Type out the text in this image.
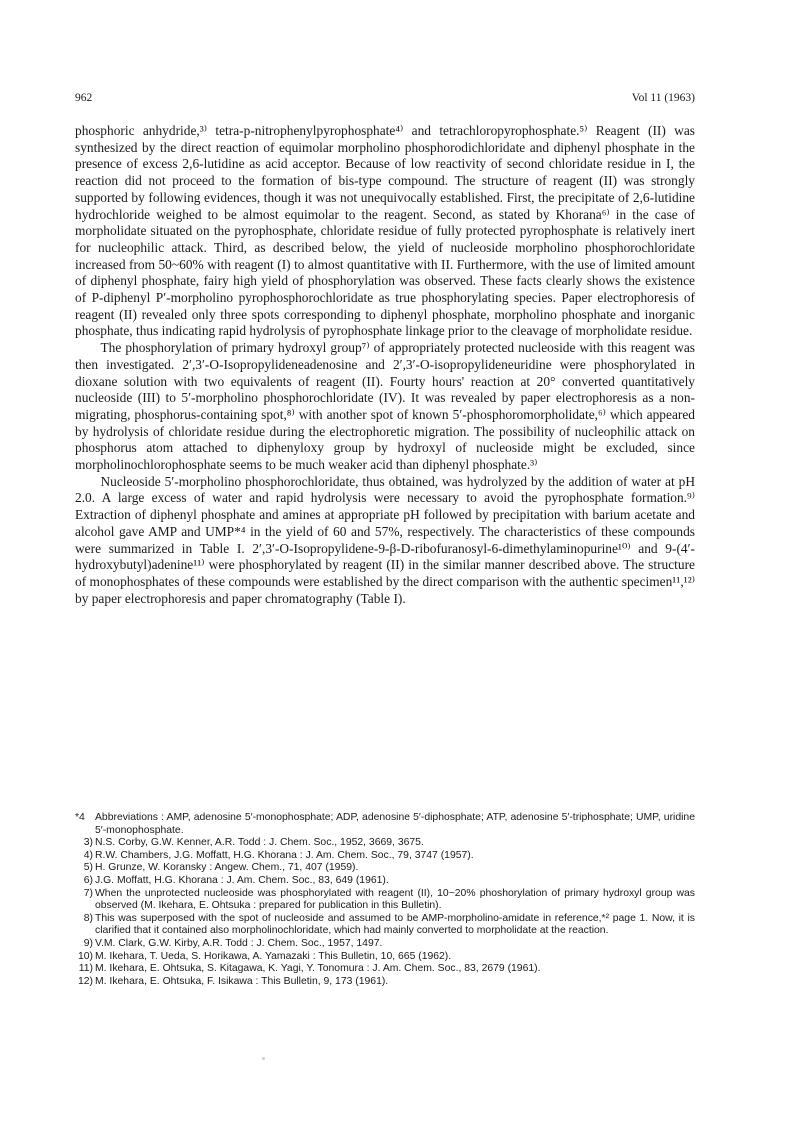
962	Vol 11 (1963)

phosphoric anhydride,³⁾ tetra-p-nitrophenylpyrophosphate⁴⁾ and tetrachloropyrophosphate.⁵⁾ Reagent (II) was synthesized by the direct reaction of equimolar morpholino phosphorodichloridate and diphenyl phosphate in the presence of excess 2,6-lutidine as acid acceptor. Because of low reactivity of second chloridate residue in I, the reaction did not proceed to the formation of bis-type compound. The structure of reagent (II) was strongly supported by following evidences, though it was not unequivocally established. First, the precipitate of 2,6-lutidine hydrochloride weighed to be almost equimolar to the reagent. Second, as stated by Khorana⁶⁾ in the case of morpholidate situated on the pyrophosphate, chloridate residue of fully protected pyrophosphate is relatively inert for nucleophilic attack. Third, as described below, the yield of nucleoside morpholino phosphorochloridate increased from 50~60% with reagent (I) to almost quantitative with II. Furthermore, with the use of limited amount of diphenyl phosphate, fairy high yield of phosphorylation was observed. These facts clearly shows the existence of P-diphenyl P′-morpholino pyrophosphorochloridate as true phosphorylating species. Paper electrophoresis of reagent (II) revealed only three spots corresponding to diphenyl phosphate, morpholino phosphate and inorganic phosphate, thus indicating rapid hydrolysis of pyrophosphate linkage prior to the cleavage of morpholidate residue.

The phosphorylation of primary hydroxyl group⁷⁾ of appropriately protected nucleoside with this reagent was then investigated. 2′,3′-O-Isopropylideneadenosine and 2′,3′-O-isopropylideneuridine were phosphorylated in dioxane solution with two equivalents of reagent (II). Fourty hours' reaction at 20° converted quantitatively nucleoside (III) to 5′-morpholino phosphorochloridate (IV). It was revealed by paper electrophoresis as a non-migrating, phosphorus-containing spot,⁸⁾ with another spot of known 5′-phosphoromorpholidate,⁶⁾ which appeared by hydrolysis of chloridate residue during the electrophoretic migration. The possibility of nucleophilic attack on phosphorus atom attached to diphenyloxy group by hydroxyl of nucleoside might be excluded, since morpholinochlorophosphate seems to be much weaker acid than diphenyl phosphate.³⁾

Nucleoside 5′-morpholino phosphorochloridate, thus obtained, was hydrolyzed by the addition of water at pH 2.0. A large excess of water and rapid hydrolysis were necessary to avoid the pyrophosphate formation.⁹⁾ Extraction of diphenyl phosphate and amines at appropriate pH followed by precipitation with barium acetate and alcohol gave AMP and UMP*⁴ in the yield of 60 and 57%, respectively. The characteristics of these compounds were summarized in Table I. 2′,3′-O-Isopropylidene-9-β-D-ribofuranosyl-6-dimethylaminopurine¹⁰⁾ and 9-(4′-hydroxybutyl)adenine¹¹⁾ were phosphorylated by reagent (II) in the similar manner described above. The structure of monophosphates of these compounds were established by the direct comparison with the authentic specimen¹¹,¹²⁾ by paper electrophoresis and paper chromatography (Table I).

*4 Abbreviations : AMP, adenosine 5′-monophosphate; ADP, adenosine 5′-diphosphate; ATP, adenosine 5′-triphosphate; UMP, uridine 5′-monophosphate.
3) N.S. Corby, G.W. Kenner, A.R. Todd : J. Chem. Soc., 1952, 3669, 3675.
4) R.W. Chambers, J.G. Moffatt, H.G. Khorana : J. Am. Chem. Soc., 79, 3747 (1957).
5) H. Grunze, W. Koransky : Angew. Chem., 71, 407 (1959).
6) J.G. Moffatt, H.G. Khorana : J. Am. Chem. Soc., 83, 649 (1961).
7) When the unprotected nucleoside was phosphorylated with reagent (II), 10~20% phoshorylation of primary hydroxyl group was observed (M. Ikehara, E. Ohtsuka : prepared for publication in this Bulletin).
8) This was superposed with the spot of nucleoside and assumed to be AMP-morpholino-amidate in reference,*² page 1. Now, it is clarified that it contained also morpholinochloridate, which had mainly converted to morpholidate at the reaction.
9) V.M. Clark, G.W. Kirby, A.R. Todd : J. Chem. Soc., 1957, 1497.
10) M. Ikehara, T. Ueda, S. Horikawa, A. Yamazaki : This Bulletin, 10, 665 (1962).
11) M. Ikehara, E. Ohtsuka, S. Kitagawa, K. Yagi, Y. Tonomura : J. Am. Chem. Soc., 83, 2679 (1961).
12) M. Ikehara, E. Ohtsuka, F. Isikawa : This Bulletin, 9, 173 (1961).
